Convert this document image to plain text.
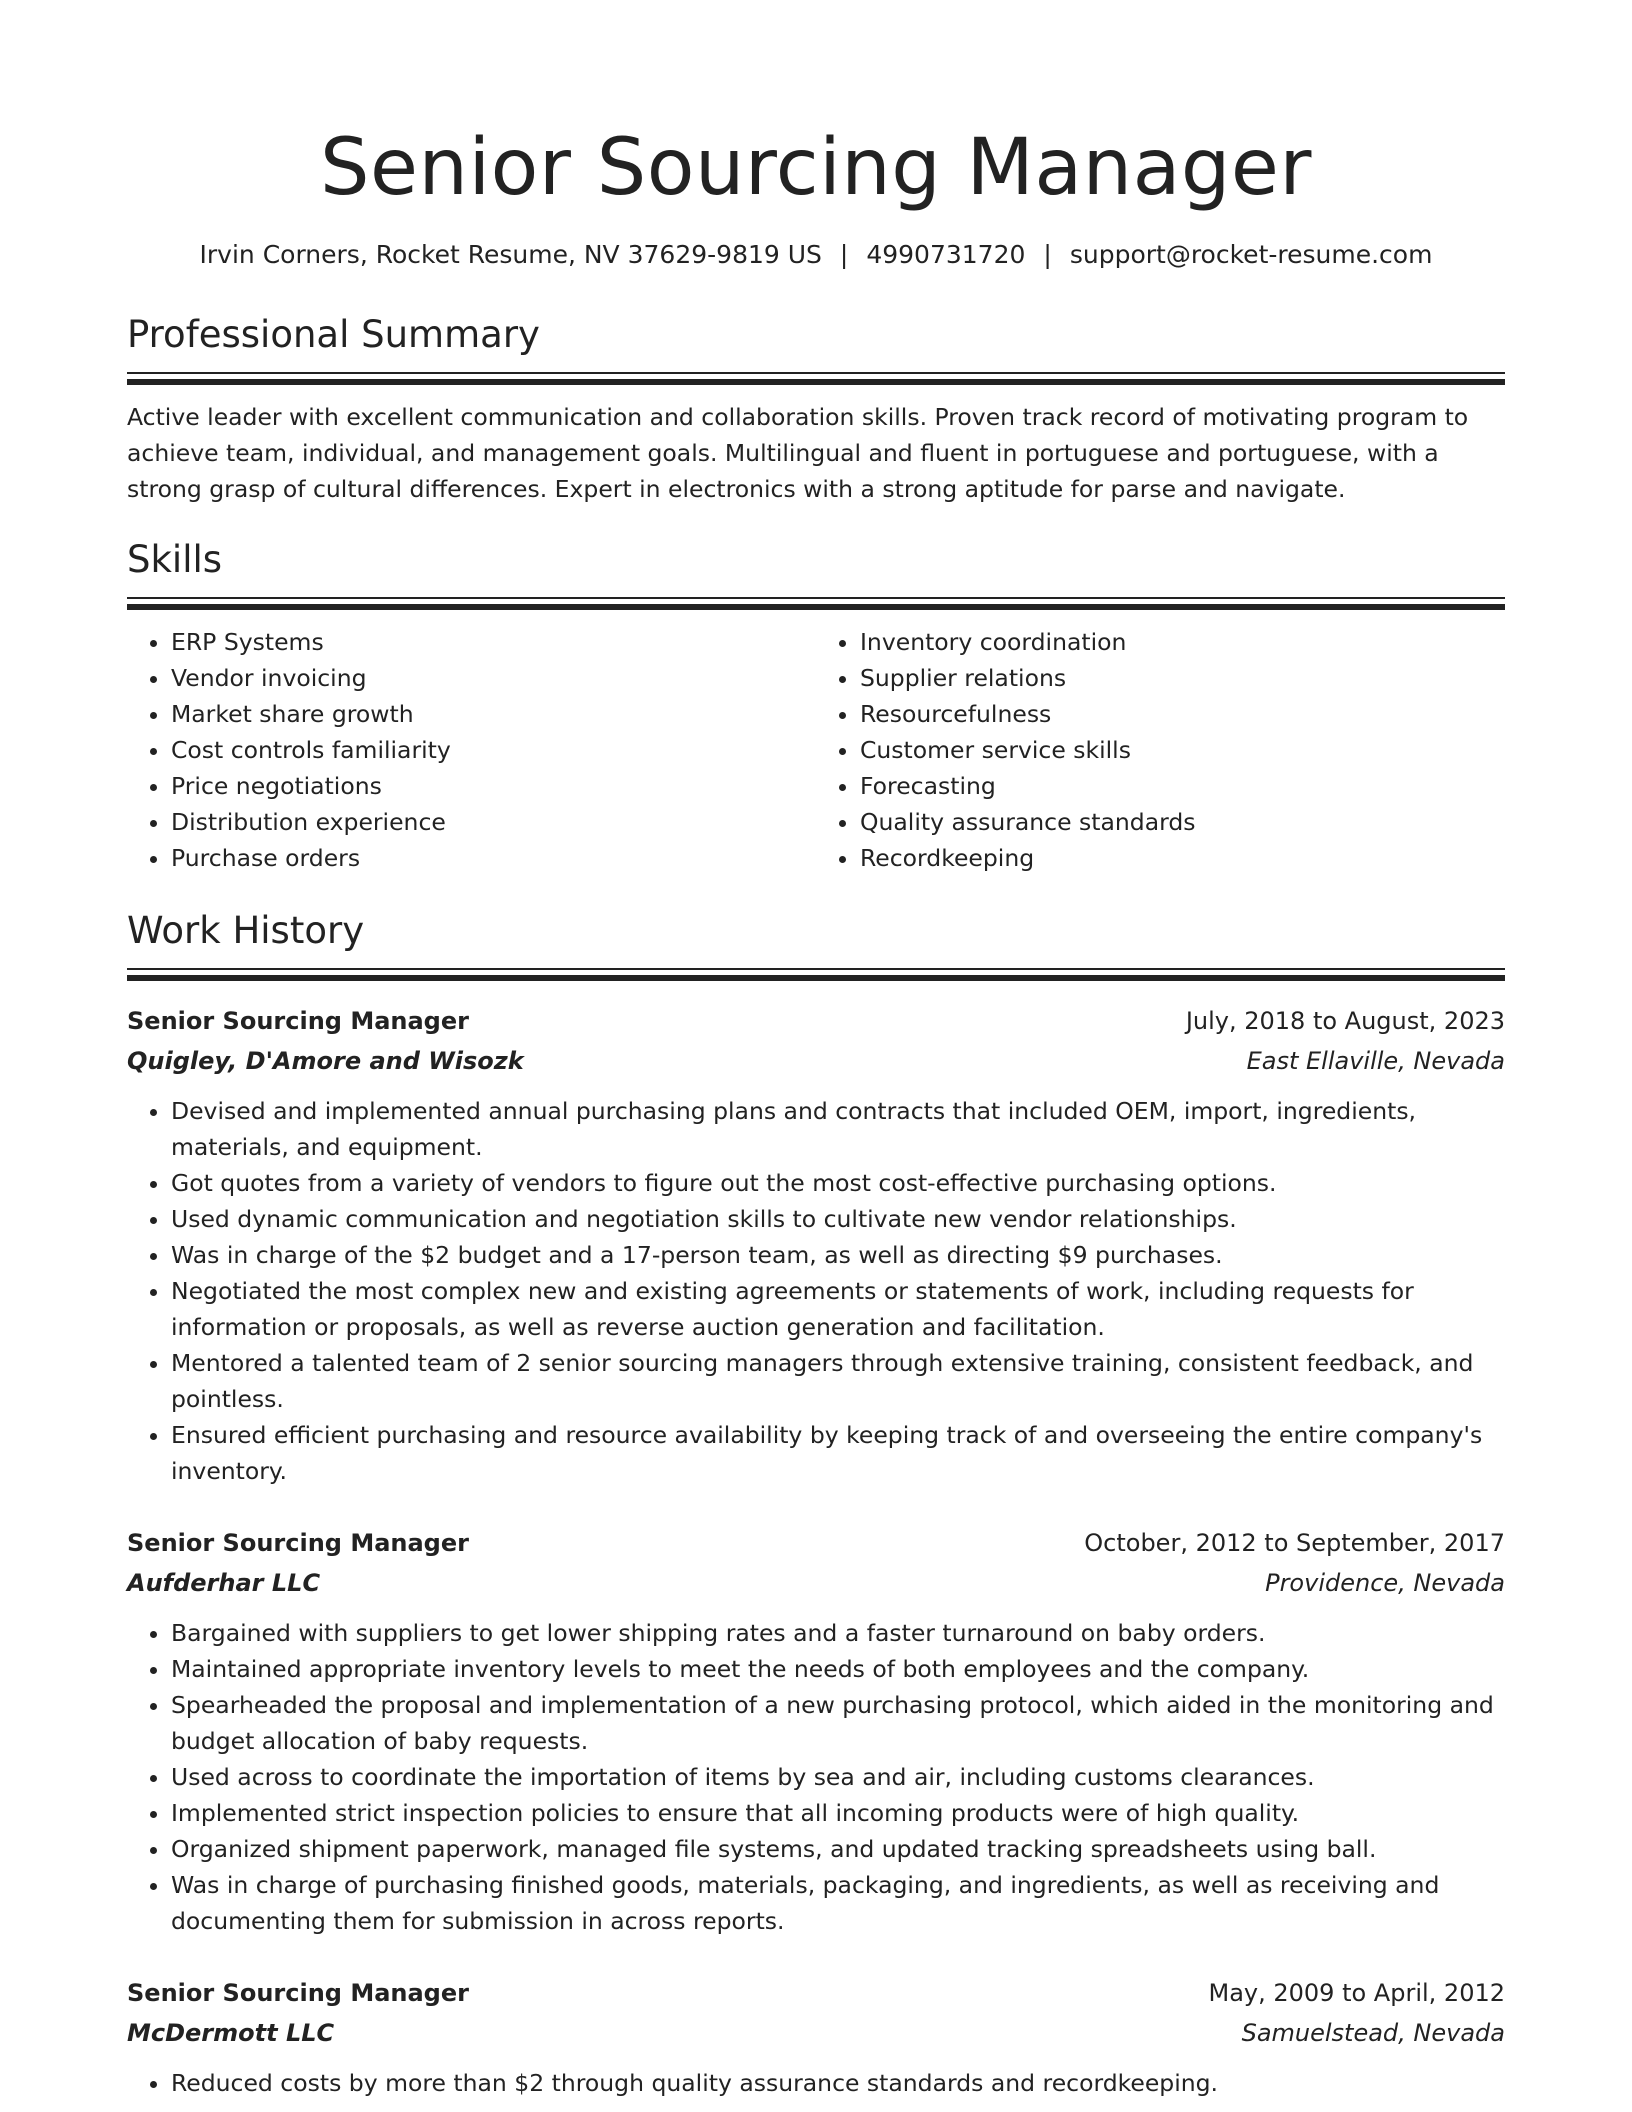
Senior Sourcing Manager
Irvin Corners, Rocket Resume, NV 37629-9819 US | 4990731720 | support@rocket-resume.com
Professional Summary

Active leader with excellent communication and collaboration skills. Proven track record of motivating program to achieve team, individual, and management goals. Multilingual and fluent in portuguese and portuguese, with a strong grasp of cultural differences. Expert in electronics with a strong aptitude for parse and navigate.

Skills
• ERP Systems
• Vendor invoicing
• Market share growth
• Cost controls familiarity
• Price negotiations
• Distribution experience
• Purchase orders
• Inventory coordination
• Supplier relations
• Resourcefulness
• Customer service skills
• Forecasting
• Quality assurance standards
• Recordkeeping
Work History
Senior Sourcing Manager	July, 2018 to August, 2023
Quigley, D'Amore and Wisozk	East Ellaville, Nevada
• Devised and implemented annual purchasing plans and contracts that included OEM, import, ingredients, materials, and equipment.
• Got quotes from a variety of vendors to figure out the most cost-effective purchasing options.
• Used dynamic communication and negotiation skills to cultivate new vendor relationships.
• Was in charge of the $2 budget and a 17-person team, as well as directing $9 purchases.
• Negotiated the most complex new and existing agreements or statements of work, including requests for information or proposals, as well as reverse auction generation and facilitation.
• Mentored a talented team of 2 senior sourcing managers through extensive training, consistent feedback, and pointless.
• Ensured efficient purchasing and resource availability by keeping track of and overseeing the entire company's inventory.
Senior Sourcing Manager	October, 2012 to September, 2017
Aufderhar LLC	Providence, Nevada
• Bargained with suppliers to get lower shipping rates and a faster turnaround on baby orders.
• Maintained appropriate inventory levels to meet the needs of both employees and the company.
• Spearheaded the proposal and implementation of a new purchasing protocol, which aided in the monitoring and budget allocation of baby requests.
• Used across to coordinate the importation of items by sea and air, including customs clearances.
• Implemented strict inspection policies to ensure that all incoming products were of high quality.
• Organized shipment paperwork, managed file systems, and updated tracking spreadsheets using ball.
• Was in charge of purchasing finished goods, materials, packaging, and ingredients, as well as receiving and documenting them for submission in across reports.
Senior Sourcing Manager	May, 2009 to April, 2012
McDermott LLC	Samuelstead, Nevada
• Reduced costs by more than $2 through quality assurance standards and recordkeeping.
